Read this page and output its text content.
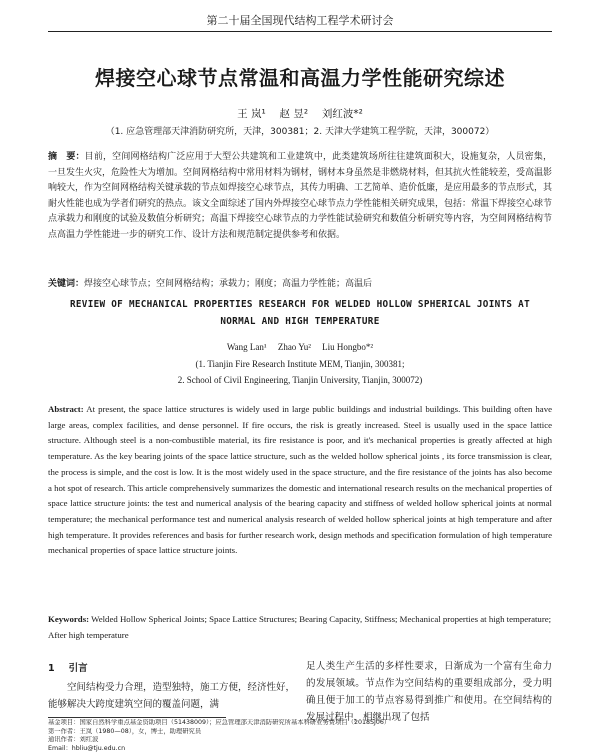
第二十届全国现代结构工程学术研讨会
焊接空心球节点常温和高温力学性能研究综述
王 岚¹　 赵 昱²　 刘红波*²
（1. 应急管理部天津消防研究所，天津，300381；2. 天津大学建筑工程学院，天津，300072）
摘　要：目前，空间网格结构广泛应用于大型公共建筑和工业建筑中，此类建筑场所往往建筑面积大，设施复杂，人员密集，一旦发生火灾，危险性大为增加。空间网格结构中常用材料为钢材，钢材本身虽然是非燃烧材料，但其抗火性能较差，受高温影响较大，作为空间网格结构关键承载的节点如焊接空心球节点，其传力明确、工艺简单、造价低廉，是应用最多的节点形式，其耐火性能也成为学者们研究的热点。该文全面综述了国内外焊接空心球节点力学性能相关研究成果，包括：常温下焊接空心球节点承载力和刚度的试验及数值分析研究；高温下焊接空心球节点的力学性能试验研究和数值分析研究等内容，为空间网格结构节点高温力学性能进一步的研究工作、设计方法和规范制定提供参考和依据。
关键词：焊接空心球节点；空间网格结构；承载力；刚度；高温力学性能；高温后
REVIEW OF MECHANICAL PROPERTIES RESEARCH FOR WELDED HOLLOW SPHERICAL JOINTS AT NORMAL AND HIGH TEMPERATURE
Wang Lan¹　 Zhao Yu²　 Liu Hongbo*²
(1. Tianjin Fire Research Institute MEM, Tianjin, 300381;
2. School of Civil Engineering, Tianjin University, Tianjin, 300072)
Abstract: At present, the space lattice structures is widely used in large public buildings and industrial buildings. This building often have large areas, complex facilities, and dense personnel. If fire occurs, the risk is greatly increased. Steel is usually used in the space lattice structure. Although steel is a non-combustible material, its fire resistance is poor, and it's mechanical properties is greatly affected at high temperature. As the key bearing joints of the space lattice structure, such as the welded hollow spherical joints , its force transmission is clear, the process is simple, and the cost is low. It is the most widely used in the space structure, and the fire resistance of the joints has also become a hot spot of research. This article comprehensively summarizes the domestic and international research results on the mechanical properties of space lattice structure joints: the test and numerical analysis of the bearing capacity and stiffness of welded hollow spherical joints at normal temperature; the mechanical performance test and numerical analysis research of welded hollow spherical joints at high temperature and after high temperature. It provides references and basis for further research work, design methods and specification formulation of high temperature mechanical properties of space lattice structure joints.
Keywords: Welded Hollow Spherical Joints; Space Lattice Structures; Bearing Capacity, Stiffness; Mechanical properties at high temperature; After high temperature
1 引言
空间结构受力合理，造型独特，施工方便，经济性好，能够解决大跨度建筑空间的覆盖问题，满
足人类生产生活的多样性要求，日渐成为一个富有生命力的发展领域。节点作为空间结构的重要组成部分，受力明确且便于加工的节点容易得到推广和使用。在空间结构的发展过程中，相继出现了包括
基金项目：国家自然科学重点基金资助项目（51438009）；应急管理部天津消防研究所基本科研业务费项目（2018SJ06）
第一作者：王岚（1980—08），女，博士，助理研究员
通讯作者：刘红波
Email：hbliu@tju.edu.cn
